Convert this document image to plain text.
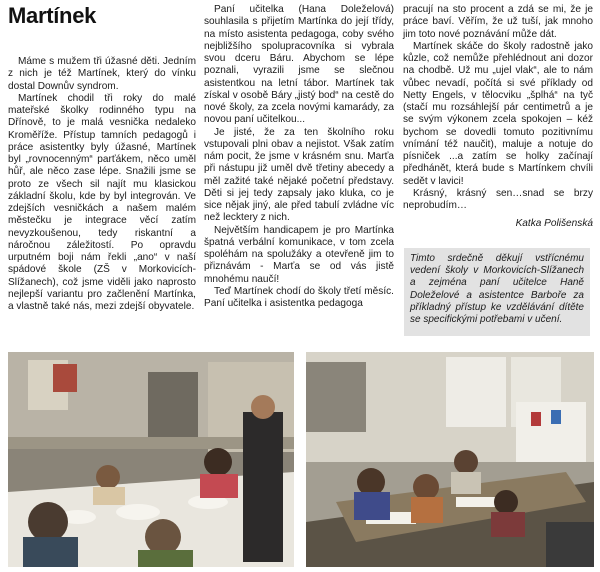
Martínek

Máme s mužem tři úžasné děti. Jedním z nich je též Martínek, který do vínku dostal Downův syndrom.

Martínek chodil tři roky do malé mateřské školky rodinného typu na Dřínově, to je malá vesnička nedaleko Kroměříže. Přístup tamních pedagogů i práce asistentky byly úžasné, Martínek byl „rovnocenným“ parťákem, něco uměl hůř, ale něco zase lépe. Snažili jsme se proto ze všech sil najít mu klasickou základní školu, kde by byl integrován. Ve zdejších vesničkách a našem malém městečku je integrace věcí zatím nevyzkoušenou, tedy riskantní a náročnou záležitostí. Po opravdu urputném boji nám řekli „ano“ v naší spádové škole (ZŠ v Morkovicích-Slížanech), což jsme viděli jako naprosto nejlepší variantu pro začlenění Martínka, a vlastně také nás, mezi zdejší obyvatele.

Paní učitelka (Hana Doleželová) souhlasila s přijetím Martínka do její třídy, na místo asistenta pedagoga, coby svého nejbližšího spolupracovníka si vybrala svou dceru Báru. Abychom se lépe poznali, vyrazili jsme se slečnou asistentkou na letní tábor. Martínek tak získal v osobě Báry „jistý bod“ na cestě do nové školy, za zcela novými kamarády, za novou paní učitelkou...

Je jisté, že za ten školního roku vstupovali plni obav a nejistot. Však zatím nám pocit, že jsme v krásném snu. Marťa při nástupu již uměl dvě třetiny abecedy a měl zažité také nějaké početní představy. Děti si jej tedy zapsaly jako kluka, co je sice nějak jiný, ale před tabulí zvládne víc než lecktery z nich.

Největším handicapem je pro Martínka špatná verbální komunikace, v tom zcela spoléhám na spolužáky a otevřeně jim to přiznávám - Marťa se od vás jistě mnohému naučí!

Teď Martínek chodí do školy třetí měsíc. Paní učitelka i asistentka pedagoga

pracují na sto procent a zdá se mi, že je práce baví. Věřím, že už tuší, jak mnoho jim toto nové poznávání může dát.

Martínek skáče do školy radostně jako kůzle, což nemůže přehlédnout ani dozor na chodbě. Už mu „ujel vlak“, ale to nám vůbec nevadí, počítá si své příklady od Netty Engels, v tělocviku „šplhá“ na tyč (stačí mu rozsáhlejší pár centimetrů a je se svým výkonem zcela spokojen – kéž bychom se dovedli tomuto pozitivnímu vnímání též naučit), maluje a notuje do písniček ...a zatím se holky začínají předhánět, která bude s Martínkem chvíli sedět v lavici!

Krásný, krásný sen…snad se brzy neprobudím…

Katka Polišenská

Timto srdečně děkují vstřícnému vedení školy v Morkovicích-Slížanech a zejména paní učitelce Haně Doleželové a asistentce Barboře za příkladný přístup ke vzdělávání dítěte se specifickými potřebami v učení.
